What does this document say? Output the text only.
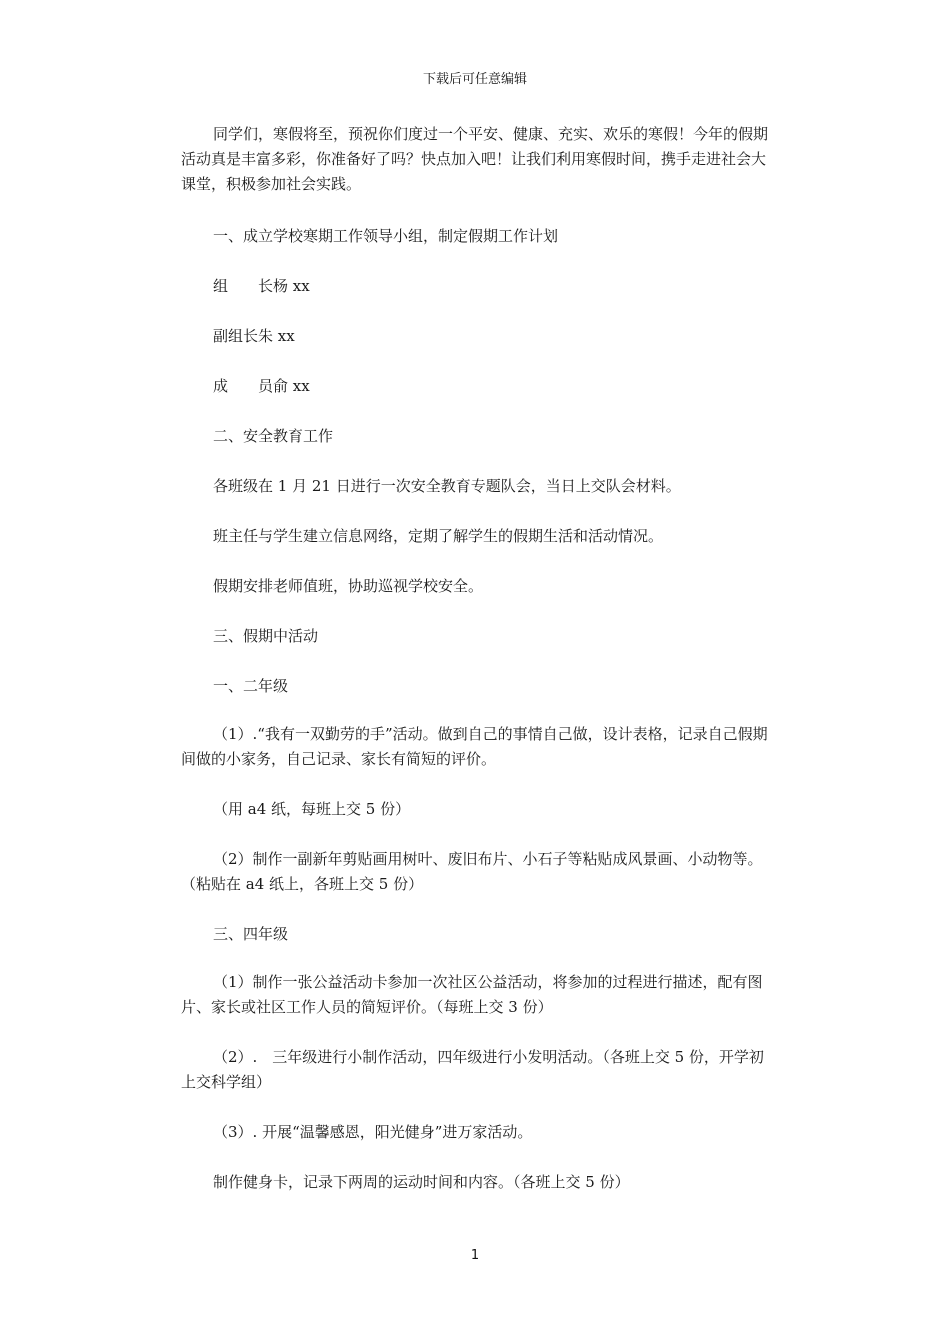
下载后可任意编辑

同学们，寒假将至，预祝你们度过一个平安、健康、充实、欢乐的寒假！今年的假期活动真是丰富多彩，你准备好了吗？快点加入吧！让我们利用寒假时间，携手走进社会大课堂，积极参加社会实践。

一、成立学校寒期工作领导小组，制定假期工作计划

组　　长杨 xx

副组长朱 xx

成　　员俞 xx

二、安全教育工作

各班级在 1 月 21 日进行一次安全教育专题队会，当日上交队会材料。

班主任与学生建立信息网络，定期了解学生的假期生活和活动情况。

假期安排老师值班，协助巡视学校安全。

三、假期中活动

一、二年级

（1）.“我有一双勤劳的手”活动。做到自己的事情自己做，设计表格，记录自己假期间做的小家务，自己记录、家长有简短的评价。

（用 a4 纸，每班上交 5 份）

（2）制作一副新年剪贴画用树叶、废旧布片、小石子等粘贴成风景画、小动物等。（粘贴在 a4 纸上，各班上交 5 份）

三、四年级

（1）制作一张公益活动卡参加一次社区公益活动，将参加的过程进行描述，配有图片、家长或社区工作人员的简短评价。（每班上交 3 份）

（2）.　三年级进行小制作活动，四年级进行小发明活动。（各班上交 5 份，开学初上交科学组）

（3）. 开展“温馨感恩，阳光健身”进万家活动。

制作健身卡，记录下两周的运动时间和内容。（各班上交 5 份）

1
